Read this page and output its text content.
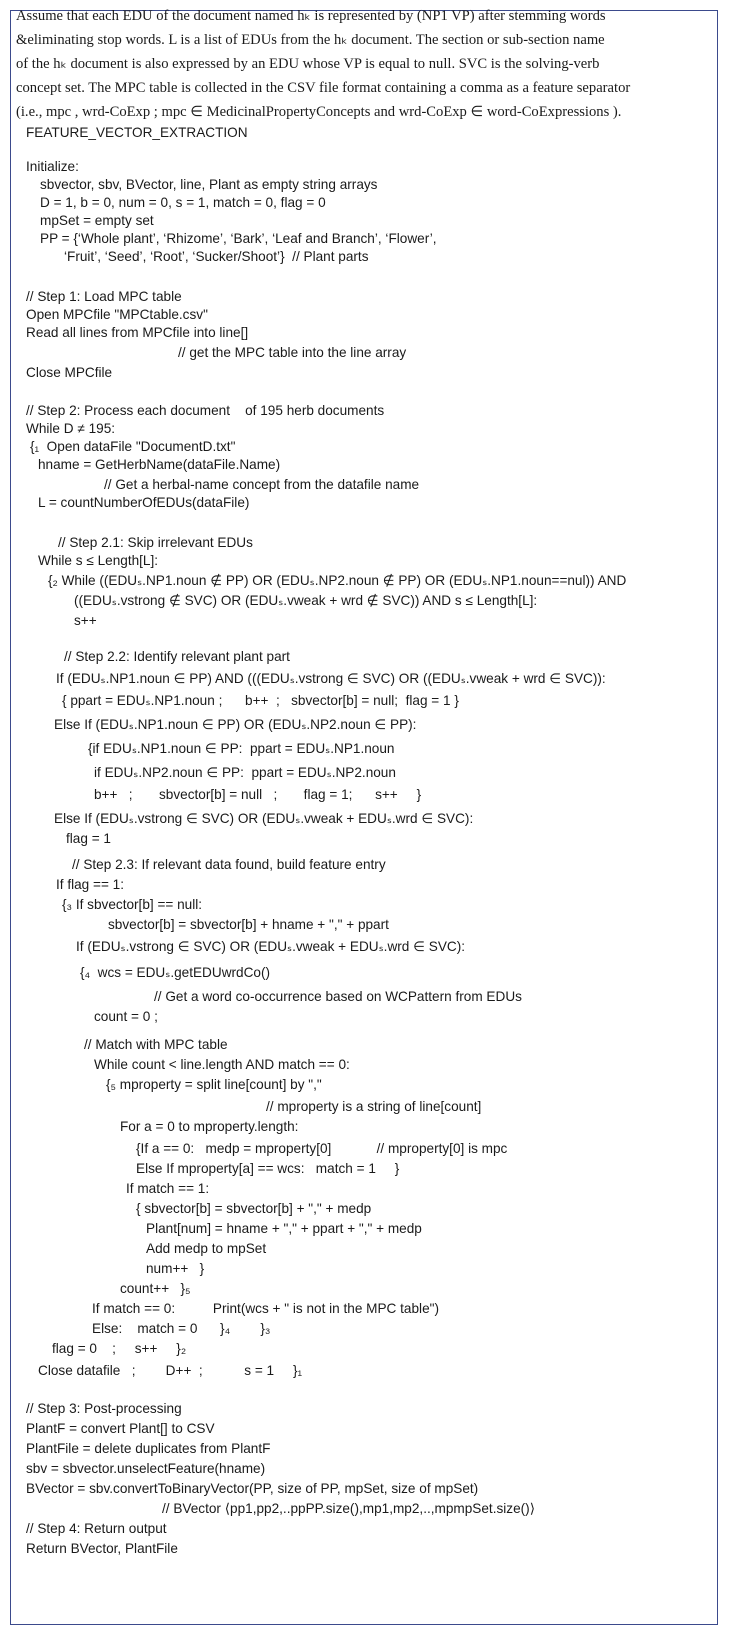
Assume that each EDU of the document named hₖ is represented by (NP1 VP) after stemming words
&eliminating stop words. L is a list of EDUs from the hₖ document. The section or sub-section name
of the hₖ document is also expressed by an EDU whose VP is equal to null. SVC is the solving-verb
concept set. The MPC table is collected in the CSV file format containing a comma as a feature separator
(i.e., mpc , wrd-CoExp ; mpc ∈ MedicinalPropertyConcepts and wrd-CoExp ∈ word-CoExpressions ).
FEATURE_VECTOR_EXTRACTION
Initialize:
sbvector, sbv, BVector, line, Plant as empty string arrays
D = 1, b = 0, num = 0, s = 1, match = 0, flag = 0
mpSet = empty set
PP = {‘Whole plant’, ‘Rhizome’, ‘Bark’, ‘Leaf and Branch’, ‘Flower’,
‘Fruit’, ‘Seed’, ‘Root’, ‘Sucker/Shoot’}  // Plant parts
// Step 1: Load MPC table
Open MPCfile "MPCtable.csv"
Read all lines from MPCfile into line[]
// get the MPC table into the line array
Close MPCfile
// Step 2: Process each document    of 195 herb documents
While D ≠ 195:
{₁  Open dataFile "DocumentD.txt"
hname = GetHerbName(dataFile.Name)
// Get a herbal-name concept from the datafile name
L = countNumberOfEDUs(dataFile)
// Step 2.1: Skip irrelevant EDUs
While s ≤ Length[L]:
{₂ While ((EDUₛ.NP1.noun ∉ PP) OR (EDUₛ.NP2.noun ∉ PP) OR (EDUₛ.NP1.noun==nul)) AND
((EDUₛ.vstrong ∉ SVC) OR (EDUₛ.vweak + wrd ∉ SVC)) AND s ≤ Length[L]:
s++
// Step 2.2: Identify relevant plant part
If (EDUₛ.NP1.noun ∈ PP) AND (((EDUₛ.vstrong ∈ SVC) OR ((EDUₛ.vweak + wrd ∈ SVC)):
{ ppart = EDUₛ.NP1.noun ;      b++  ;   sbvector[b] = null;  flag = 1 }
Else If (EDUₛ.NP1.noun ∈ PP) OR (EDUₛ.NP2.noun ∈ PP):
{if EDUₛ.NP1.noun ∈ PP:  ppart = EDUₛ.NP1.noun
if EDUₛ.NP2.noun ∈ PP:  ppart = EDUₛ.NP2.noun
b++   ;       sbvector[b] = null   ;       flag = 1;      s++     }
Else If (EDUₛ.vstrong ∈ SVC) OR (EDUₛ.vweak + EDUₛ.wrd ∈ SVC):
flag = 1
// Step 2.3: If relevant data found, build feature entry
If flag == 1:
{₃ If sbvector[b] == null:
sbvector[b] = sbvector[b] + hname + "," + ppart
If (EDUₛ.vstrong ∈ SVC) OR (EDUₛ.vweak + EDUₛ.wrd ∈ SVC):
{₄  wcs = EDUₛ.getEDUwrdCo()
// Get a word co-occurrence based on WCPattern from EDUs
count = 0 ;
// Match with MPC table
While count < line.length AND match == 0:
{₅ mproperty = split line[count] by ","
// mproperty is a string of line[count]
For a = 0 to mproperty.length:
{If a == 0:   medp = mproperty[0]            // mproperty[0] is mpc
Else If mproperty[a] == wcs:   match = 1     }
If match == 1:
{ sbvector[b] = sbvector[b] + "," + medp
Plant[num] = hname + "," + ppart + "," + medp
Add medp to mpSet
num++   }
count++   }₅
If match == 0:          Print(wcs + " is not in the MPC table")
Else:    match = 0      }₄        }₃
flag = 0    ;     s++     }₂
Close datafile   ;        D++  ;           s = 1     }₁
// Step 3: Post-processing
PlantF = convert Plant[] to CSV
PlantFile = delete duplicates from PlantF
sbv = sbvector.unselectFeature(hname)
BVector = sbv.convertToBinaryVector(PP, size of PP, mpSet, size of mpSet)
// BVector ⟨pp1,pp2,..ppPP.size(),mp1,mp2,..,mpmpSet.size()⟩
// Step 4: Return output
Return BVector, PlantFile
